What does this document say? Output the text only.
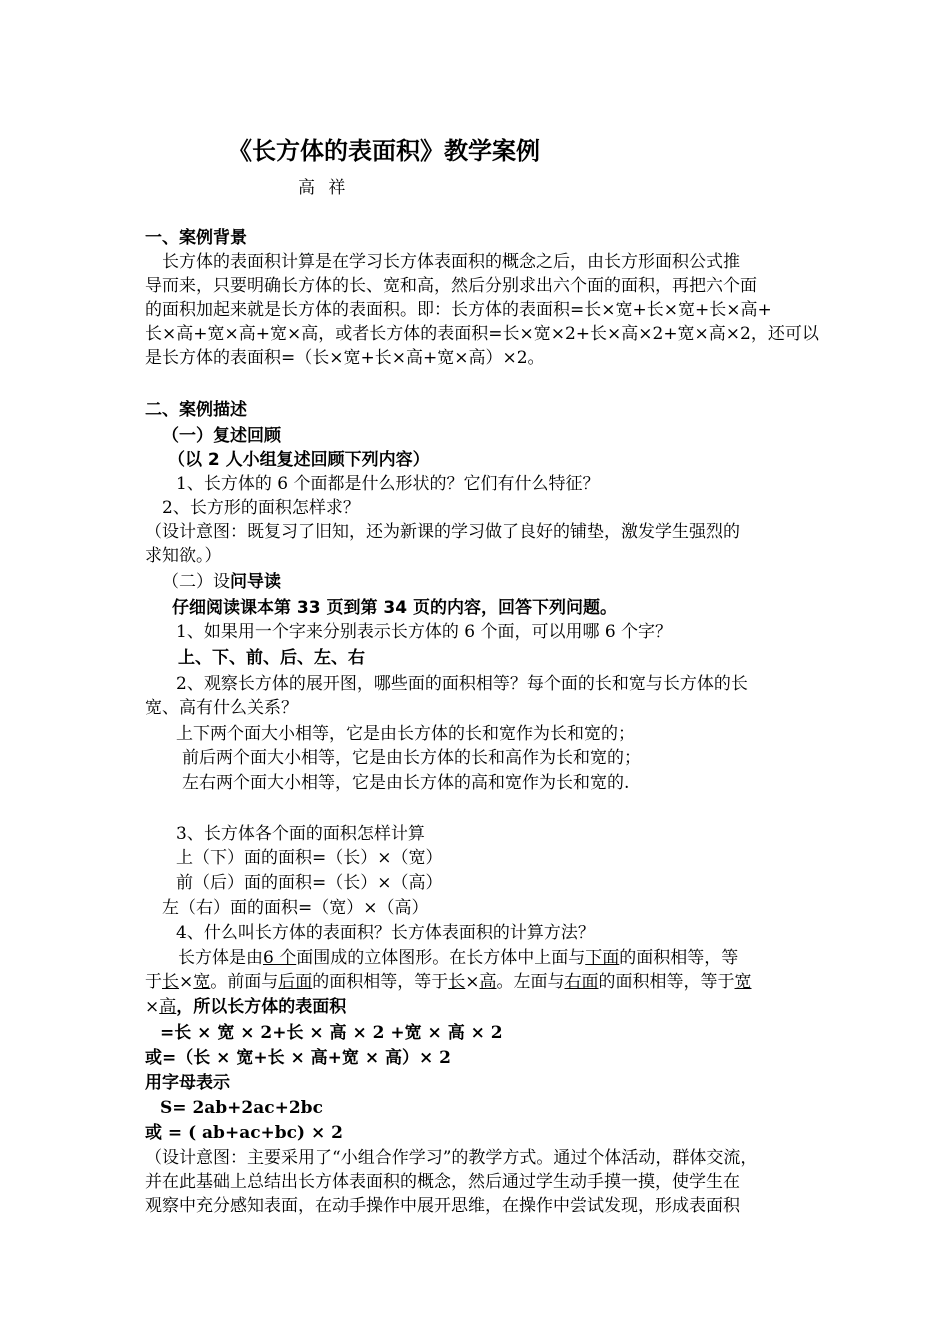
《长方体的表面积》教学案例
高 祥
一、案例背景
长方体的表面积计算是在学习长方体表面积的概念之后，由长方形面积公式推
导而来，只要明确长方体的长、宽和高，然后分别求出六个面的面积，再把六个面
的面积加起来就是长方体的表面积。即：长方体的表面积=长×宽+长×宽+长×高+
长×高+宽×高+宽×高，或者长方体的表面积=长×宽×2+长×高×2+宽×高×2，还可以
是长方体的表面积=（长×宽+长×高+宽×高）×2。
二、案例描述
（一）复述回顾
（以 2 人小组复述回顾下列内容）
1、长方体的 6 个面都是什么形状的？它们有什么特征？
2、长方形的面积怎样求？
（设计意图：既复习了旧知，还为新课的学习做了良好的铺垫，激发学生强烈的
求知欲。）
（二）设问导读
仔细阅读课本第 33 页到第 34 页的内容，回答下列问题。
1、如果用一个字来分别表示长方体的 6 个面，可以用哪 6 个字？
上、下、前、后、左、右
2、观察长方体的展开图，哪些面的面积相等？每个面的长和宽与长方体的长
宽、高有什么关系？
上下两个面大小相等，它是由长方体的长和宽作为长和宽的；
前后两个面大小相等，它是由长方体的长和高作为长和宽的；
左右两个面大小相等，它是由长方体的高和宽作为长和宽的.
3、长方体各个面的面积怎样计算
上（下）面的面积=（长）×（宽）
前（后）面的面积=（长）×（高）
左（右）面的面积=（宽）×（高）
4、什么叫长方体的表面积？长方体表面积的计算方法？
长方体是由6 个面围成的立体图形。在长方体中上面与下面的面积相等，等
于长×宽。前面与后面的面积相等，等于长×高。左面与右面的面积相等，等于宽
×高，所以长方体的表面积
=长 × 宽 × 2+长 × 高 × 2 +宽 × 高 × 2
或=（长 × 宽+长 × 高+宽 × 高）× 2
用字母表示
S= 2ab+2ac+2bc
或 = ( ab+ac+bc) × 2
（设计意图：主要采用了“小组合作学习”的教学方式。通过个体活动，群体交流，
并在此基础上总结出长方体表面积的概念，然后通过学生动手摸一摸，使学生在
观察中充分感知表面，在动手操作中展开思维，在操作中尝试发现，形成表面积
